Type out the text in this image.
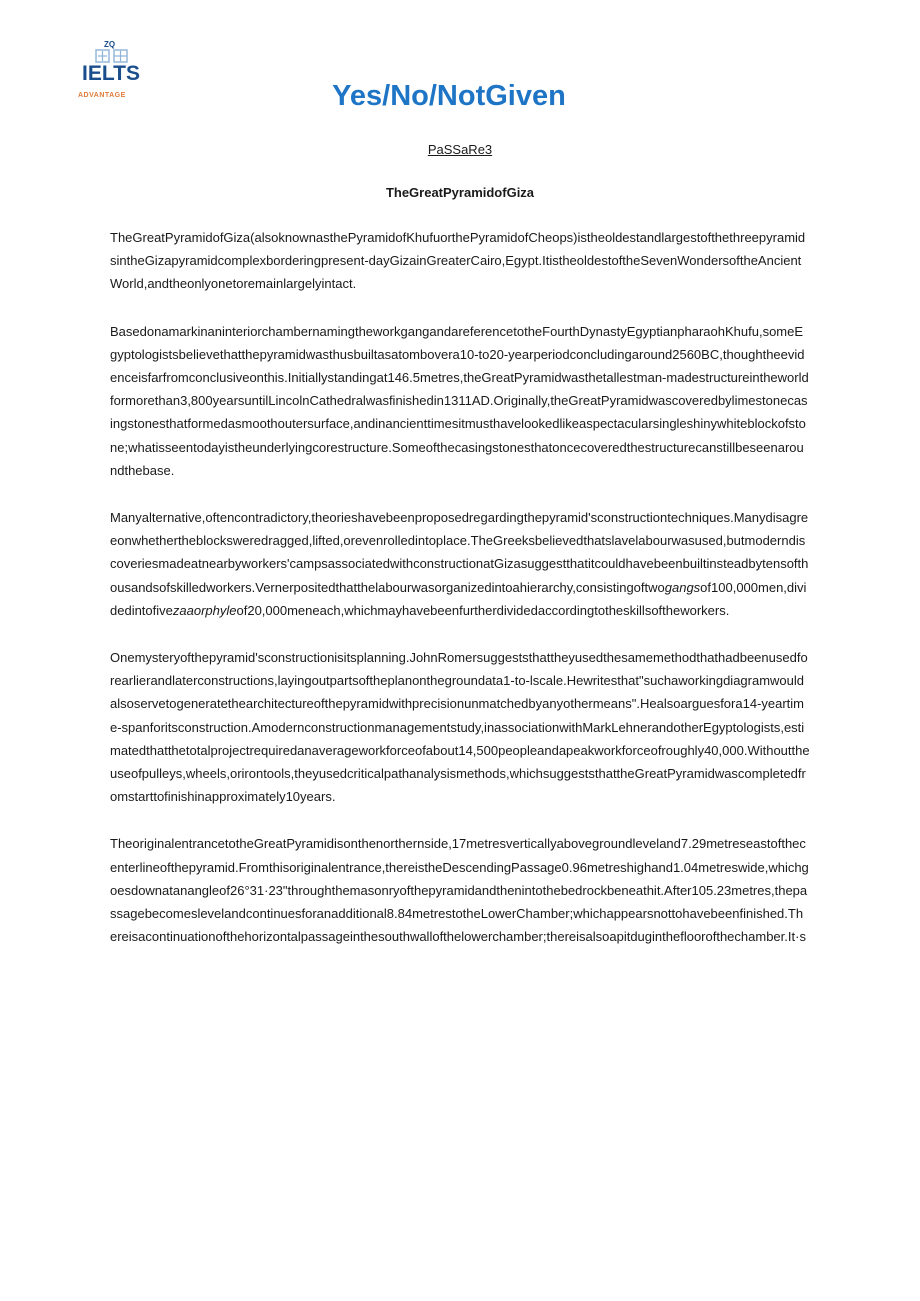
ZQ
IELTS
ADVANTAGE	Yes/No/NotGiven
PaSSaRe3
TheGreatPyramidofGiza

TheGreatPyramidofGiza(alsoknownasthePyramidofKhufuorthePyramidofCheops)istheoldestandlargestofthethreepyramidsintheGizapyramidcomplexborderingpresent-dayGizainGreaterCairo,Egypt.ItistheoldestoftheSevenWondersoftheAncientWorld,andtheonlyonetoremainlargelyintact.

BasedonamarkinaninteriorchambernamingtheworkgangandareferencetotheFourthDynastyEgyptianpharaohKhufu,someEgyptologistsbelievethatthepyramidwasthusbuiltasatombovera10-to20-yearperiodconcludingaround2560BC,thoughtheevidenceisfarfromconclusiveonthis.Initiallystandingat146.5metres,theGreatPyramidwasthetallestman-madestructureintheworldformorethan3,800yearsuntilLincolnCathedralwasfinishedin1311AD.Originally,theGreatPyramidwascoveredbylimestonecasingstonesthatformedasmoothoutersurface,andinancienttimesitmusthavelookedlikeaspectacularsingleshinywhiteblockofstone;whatisseentodayistheunderlyingcorestructure.Someofthecasingstonesthatoncecoveredthestructurecanstillbeseenaroundthebase.

Manyalternative,oftencontradictory,theorieshavebeenproposedregardingthepyramid'sconstructiontechniques.Manydisagreeonwhethertheblocksweredragged,lifted,orevenrolledintoplace.TheGreeksbelievedthatslavelabourwasused,butmoderndiscoveriesmadeatnearbyworkers'campsassociatedwithconstructionatGizasuggestthatitcouldhavebeenbuiltinsteadbytensofthousandsofskilledworkers.Vernerpositedthatthelabourwasorganizedintoahierarchy,consistingoftwogangsof100,000men,dividedintofivezaaorphyleof20,000meneach,whichmayhavebeenfurtherdividedaccordingtotheskillsoftheworkers.

Onemysteryofthepyramid'sconstructionisitsplanning.JohnRomersuggeststhattheyusedthesamemethodthathadbeenusedforearlierandlaterconstructions,layingoutpartsoftheplanonthegroundata1-to-lscale.Hewritesthat"suchaworkingdiagramwouldalsoservetogeneratethearchitectureofthepyramidwithprecisionunmatchedbyanyothermeans".Healsoarguesfora14-yeartime-spanforitsconstruction.Amodernconstructionmanagementstudy,inassociationwithMarkLehnerandotherEgyptologists,estimatedthatthetotalprojectrequiredanaverageworkforceofabout14,500peopleandapeakworkforceofroughly40,000.Withouttheuseofpulleys,wheels,orirontools,theyusedcriticalpathanalysismethods,whichsuggeststhattheGreatPyramidwascompletedfromstarttofinishinapproximately10years.

TheoriginalentrancetotheGreatPyramidisonthenorthernside,17metresverticallyabovegroundleveland7.29metreseastofthecenterlineofthepyramid.Fromthisoriginalentrance,thereistheDescendingPassage0.96metreshighand1.04metreswide,whichgoesdownatanangleof26°31·23"throughthemasonryofthepyramidandthenintothebedrockbeneathit.After105.23metres,thepassagebecomeslevelandcontinuesforanadditional8.84metrestotheLowerChamber;whichappearsnottohavebeenfinished.Thereisacontinuationofthehorizontalpassageinthesouthwallofthelowerchamber;thereisalsoapitduginthefloorofthechamber.It·s
